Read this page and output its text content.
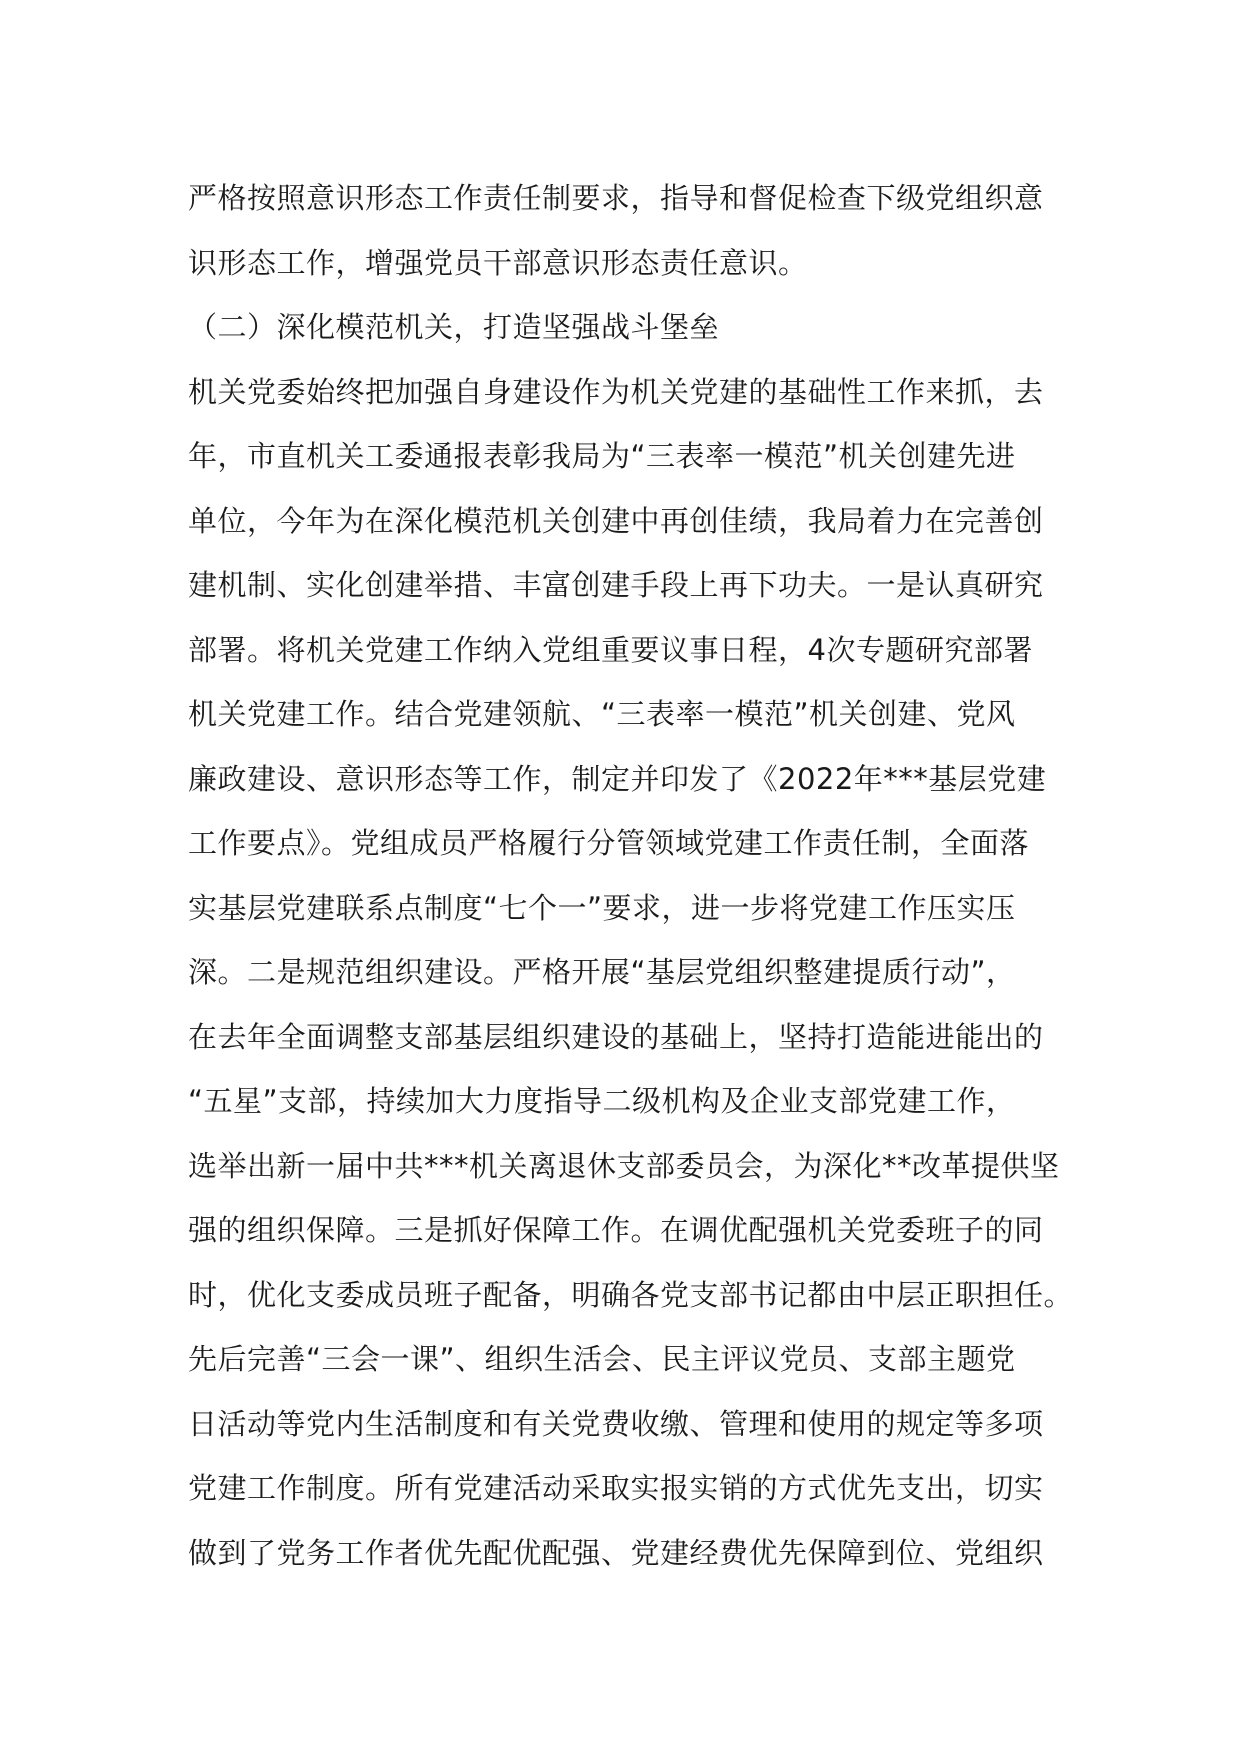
严格按照意识形态工作责任制要求，指导和督促检查下级党组织意
识形态工作，增强党员干部意识形态责任意识。
（二）深化模范机关，打造坚强战斗堡垒
机关党委始终把加强自身建设作为机关党建的基础性工作来抓，去
年，市直机关工委通报表彰我局为“三表率一模范”机关创建先进
单位，今年为在深化模范机关创建中再创佳绩，我局着力在完善创
建机制、实化创建举措、丰富创建手段上再下功夫。一是认真研究
部署。将机关党建工作纳入党组重要议事日程，4次专题研究部署
机关党建工作。结合党建领航、“三表率一模范”机关创建、党风
廉政建设、意识形态等工作，制定并印发了《2022年***基层党建
工作要点》。党组成员严格履行分管领域党建工作责任制，全面落
实基层党建联系点制度“七个一”要求，进一步将党建工作压实压
深。二是规范组织建设。严格开展“基层党组织整建提质行动”，
在去年全面调整支部基层组织建设的基础上，坚持打造能进能出的
“五星”支部，持续加大力度指导二级机构及企业支部党建工作，
选举出新一届中共***机关离退休支部委员会，为深化**改革提供坚
强的组织保障。三是抓好保障工作。在调优配强机关党委班子的同
时，优化支委成员班子配备，明确各党支部书记都由中层正职担任。
先后完善“三会一课”、组织生活会、民主评议党员、支部主题党
日活动等党内生活制度和有关党费收缴、管理和使用的规定等多项
党建工作制度。所有党建活动采取实报实销的方式优先支出，切实
做到了党务工作者优先配优配强、党建经费优先保障到位、党组织
